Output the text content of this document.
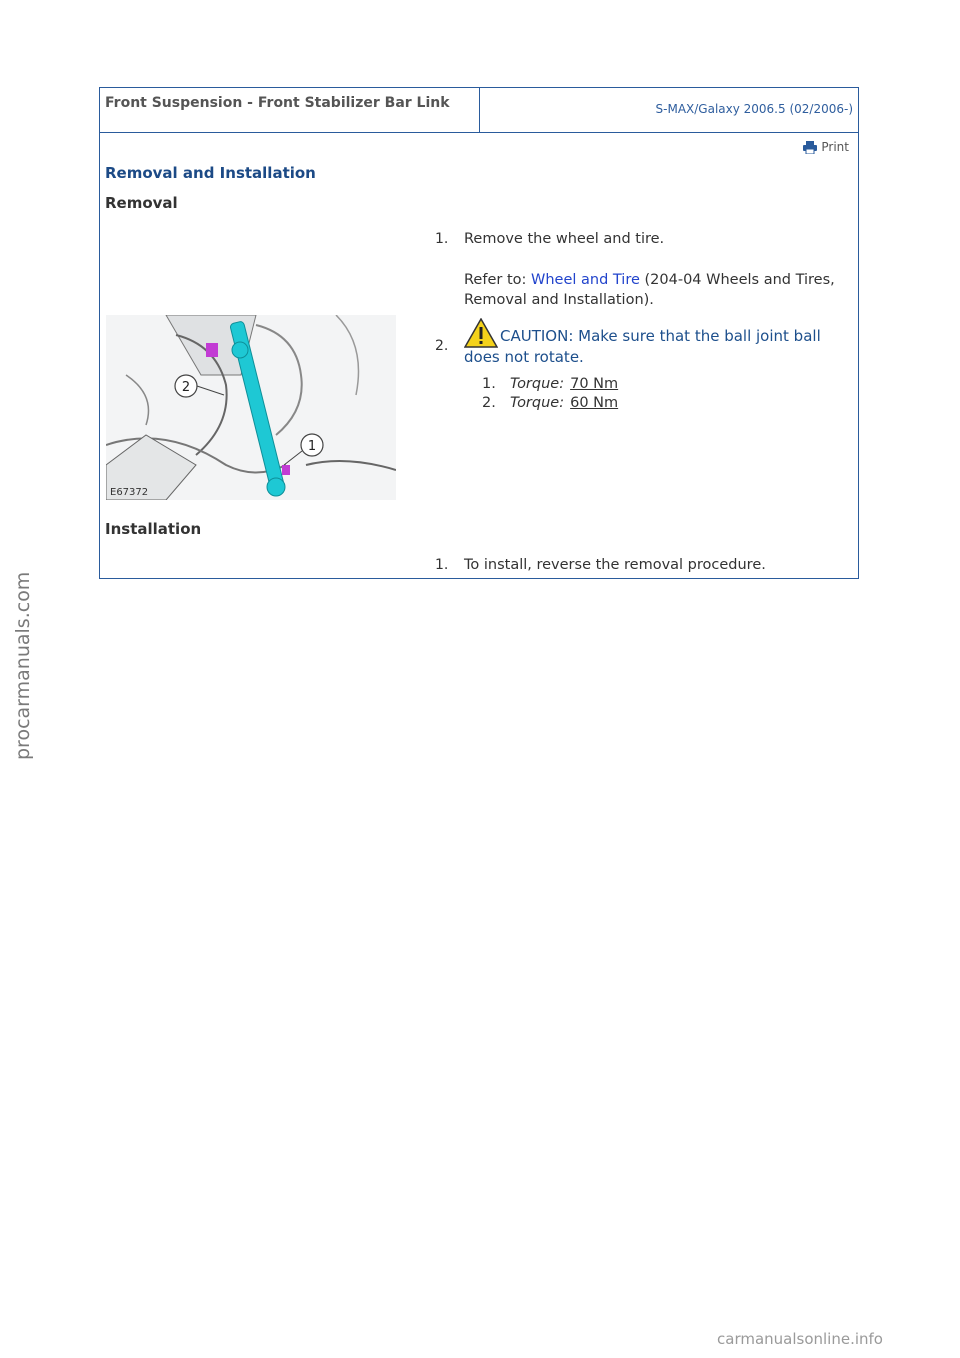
Front Suspension - Front Stabilizer Bar Link	S-MAX/Galaxy 2006.5 (02/2006-)
Print
Removal and Installation
Removal
1. Remove the wheel and tire.
Refer to: Wheel and Tire (204-04 Wheels and Tires, Removal and Installation).
2
1
E67372
2.
CAUTION: Make sure that the ball joint ball does not rotate.
1. Torque: 70 Nm
2. Torque: 60 Nm
Installation
1. To install, reverse the removal procedure.
procarmanuals.com
carmanualsonline.info
